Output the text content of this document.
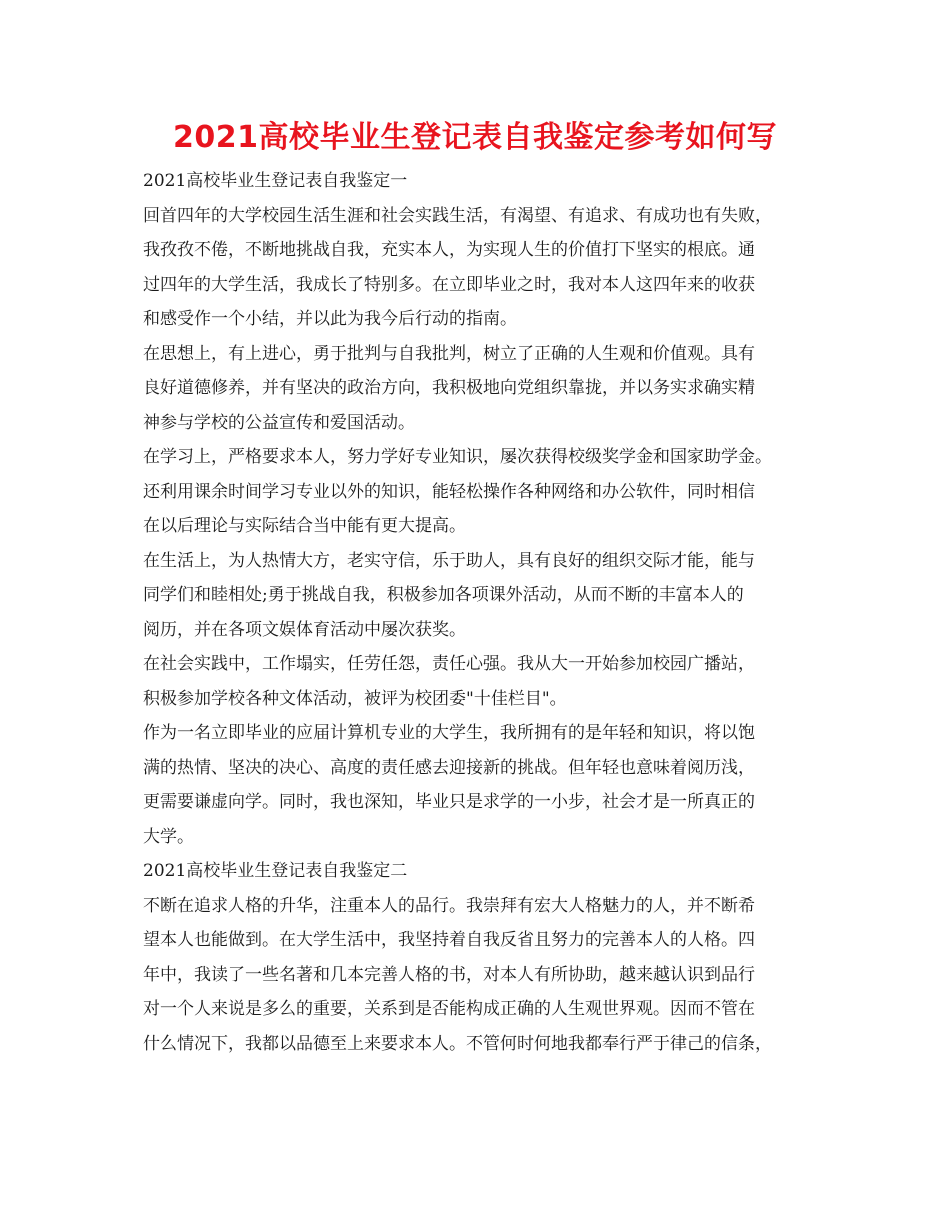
2021高校毕业生登记表自我鉴定参考如何写
2021高校毕业生登记表自我鉴定一
回首四年的大学校园生活生涯和社会实践生活，有渴望、有追求、有成功也有失败，
我孜孜不倦，不断地挑战自我，充实本人，为实现人生的价值打下坚实的根底。通
过四年的大学生活，我成长了特别多。在立即毕业之时，我对本人这四年来的收获
和感受作一个小结，并以此为我今后行动的指南。
在思想上，有上进心，勇于批判与自我批判，树立了正确的人生观和价值观。具有
良好道德修养，并有坚决的政治方向，我积极地向党组织靠拢，并以务实求确实精
神参与学校的公益宣传和爱国活动。
在学习上，严格要求本人，努力学好专业知识，屡次获得校级奖学金和国家助学金。
还利用课余时间学习专业以外的知识，能轻松操作各种网络和办公软件，同时相信
在以后理论与实际结合当中能有更大提高。
在生活上，为人热情大方，老实守信，乐于助人，具有良好的组织交际才能，能与
同学们和睦相处;勇于挑战自我，积极参加各项课外活动，从而不断的丰富本人的
阅历，并在各项文娱体育活动中屡次获奖。
在社会实践中，工作塌实，任劳任怨，责任心强。我从大一开始参加校园广播站，
积极参加学校各种文体活动，被评为校团委"十佳栏目"。
作为一名立即毕业的应届计算机专业的大学生，我所拥有的是年轻和知识，将以饱
满的热情、坚决的决心、高度的责任感去迎接新的挑战。但年轻也意味着阅历浅，
更需要谦虚向学。同时，我也深知，毕业只是求学的一小步，社会才是一所真正的
大学。
2021高校毕业生登记表自我鉴定二
不断在追求人格的升华，注重本人的品行。我崇拜有宏大人格魅力的人，并不断希
望本人也能做到。在大学生活中，我坚持着自我反省且努力的完善本人的人格。四
年中，我读了一些名著和几本完善人格的书，对本人有所协助，越来越认识到品行
对一个人来说是多么的重要，关系到是否能构成正确的人生观世界观。因而不管在
什么情况下，我都以品德至上来要求本人。不管何时何地我都奉行严于律己的信条，
